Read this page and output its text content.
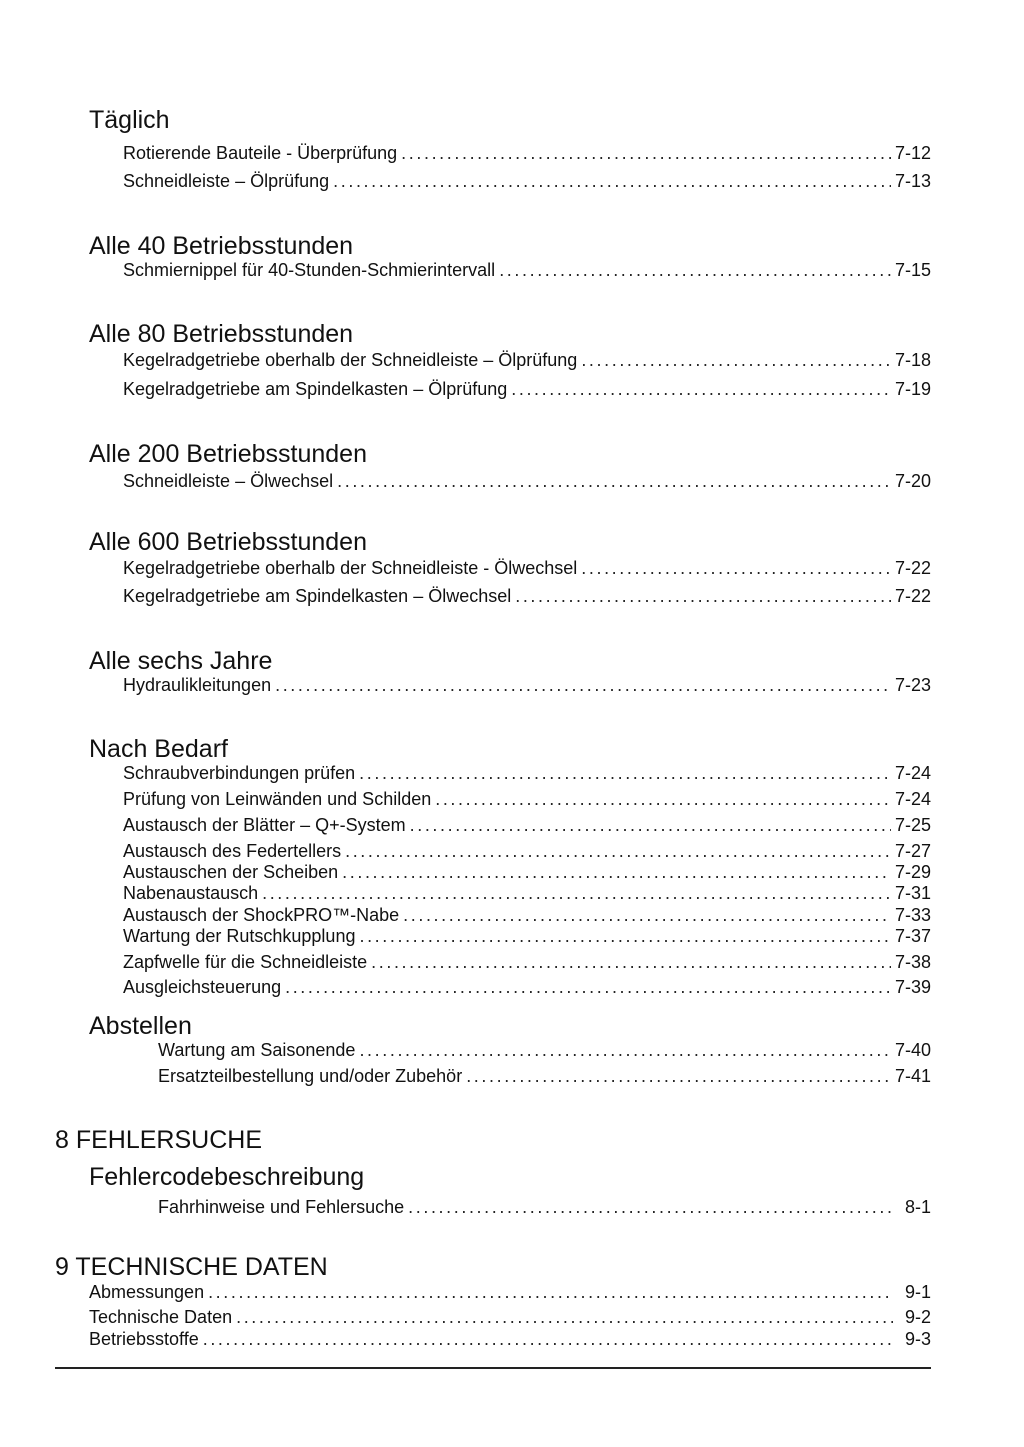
Täglich
Alle 40 Betriebsstunden
Alle 80 Betriebsstunden
Alle 200 Betriebsstunden
Alle 600 Betriebsstunden
Alle sechs Jahre
Nach Bedarf
Abstellen
Rotierende Bauteile - Überprüfung .....	7-12
Schneidleiste – Ölprüfung .....	7-13
Schmiernippel für 40-Stunden-Schmierintervall .....	7-15
Kegelradgetriebe oberhalb der Schneidleiste – Ölprüfung .....	7-18
Kegelradgetriebe am Spindelkasten – Ölprüfung .....	7-19
Schneidleiste – Ölwechsel .....	7-20
Kegelradgetriebe oberhalb der Schneidleiste - Ölwechsel .....	7-22
Kegelradgetriebe am Spindelkasten – Ölwechsel .....	7-22
Hydraulikleitungen .....	7-23
Schraubverbindungen prüfen .....	7-24
Prüfung von Leinwänden und Schilden .....	7-24
Austausch der Blätter – Q+-System .....	7-25
Austausch des Federtellers .....	7-27
Austauschen der Scheiben .....	7-29
Nabenaustausch .....	7-31
Austausch der ShockPRO™-Nabe .....	7-33
Wartung der Rutschkupplung .....	7-37
Zapfwelle für die Schneidleiste .....	7-38
Ausgleichsteuerung .....	7-39
Wartung am Saisonende .....	7-40
Ersatzteilbestellung und/oder Zubehör .....	7-41
8 FEHLERSUCHE
Fehlercodebeschreibung
Fahrhinweise und Fehlersuche .....	8-1
9 TECHNISCHE DATEN
Abmessungen .....	9-1
Technische Daten .....	9-2
Betriebsstoffe .....	9-3
